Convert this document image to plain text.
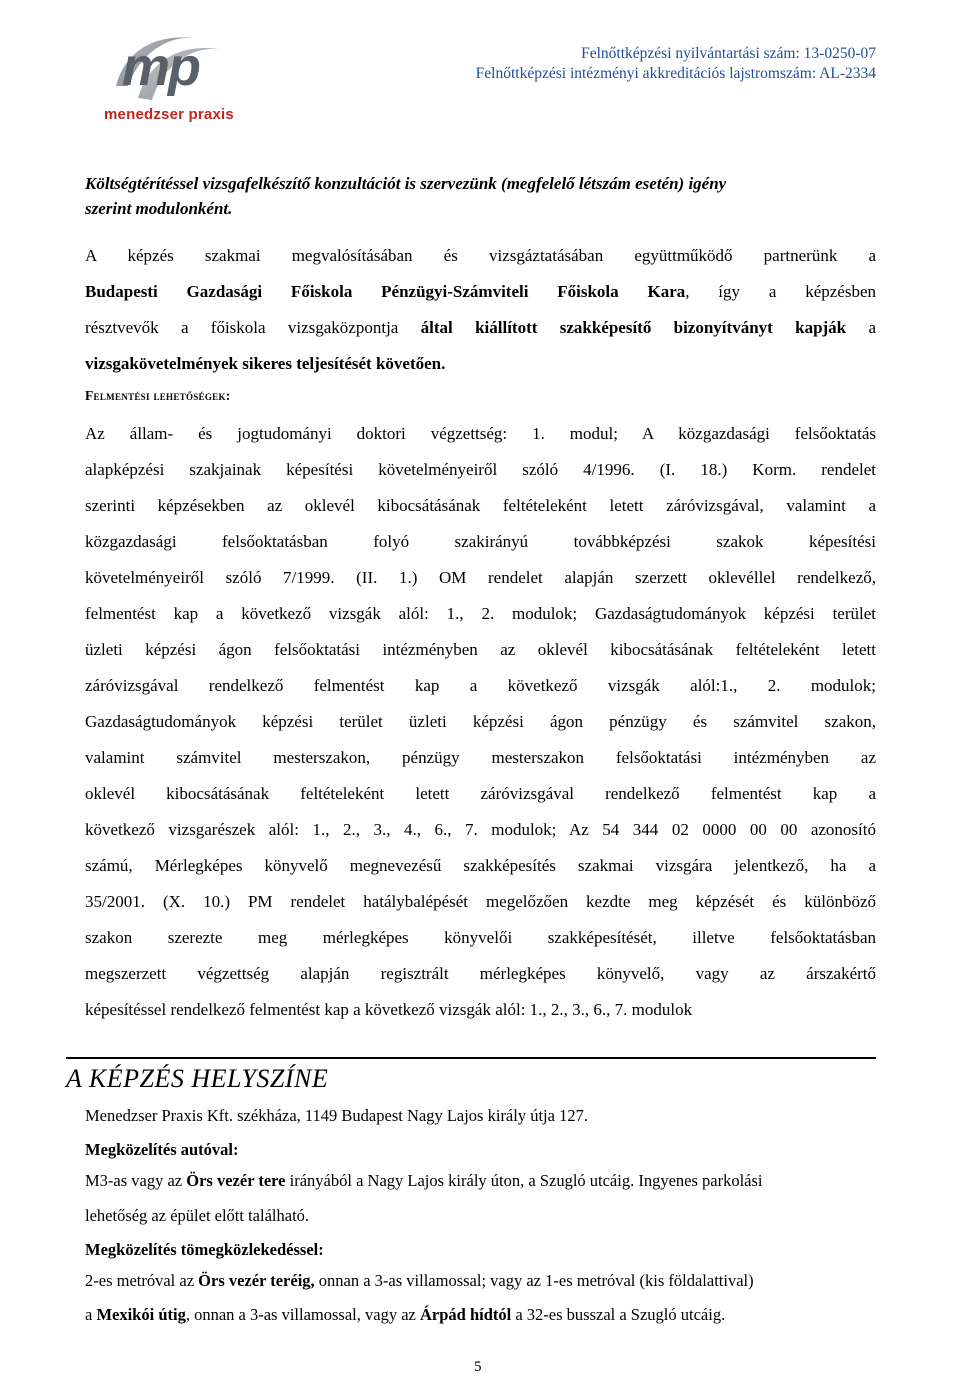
mp
menedzser praxis
Felnőttképzési nyilvántartási szám: 13-0250-07
Felnőttképzési intézményi akkreditációs lajstromszám: AL-2334
Költségtérítéssel vizsgafelkészítő konzultációt is szervezünk (megfelelő létszám esetén) igény
szerint modulonként.
A képzés szakmai megvalósításában és vizsgáztatásában együttműködő partnerünk a
Budapesti Gazdasági Főiskola Pénzügyi-Számviteli Főiskola Kara, így a képzésben
résztvevők a főiskola vizsgaközpontja által kiállított szakképesítő bizonyítványt kapják a
vizsgakövetelmények sikeres teljesítését követően.
Felmentési lehetőségek:
Az állam- és jogtudományi doktori végzettség: 1. modul; A közgazdasági felsőoktatás
alapképzési szakjainak képesítési követelményeiről szóló 4/1996. (I. 18.) Korm. rendelet
szerinti képzésekben az oklevél kibocsátásának feltételeként letett záróvizsgával, valamint a
közgazdasági felsőoktatásban folyó szakirányú továbbképzési szakok képesítési
követelményeiről szóló 7/1999. (II. 1.) OM rendelet alapján szerzett oklevéllel rendelkező,
felmentést kap a következő vizsgák alól: 1., 2. modulok; Gazdaságtudományok képzési terület
üzleti képzési ágon felsőoktatási intézményben az oklevél kibocsátásának feltételeként letett
záróvizsgával rendelkező felmentést kap a következő vizsgák alól:1., 2. modulok;
Gazdaságtudományok képzési terület üzleti képzési ágon pénzügy és számvitel szakon,
valamint számvitel mesterszakon, pénzügy mesterszakon felsőoktatási intézményben az
oklevél kibocsátásának feltételeként letett záróvizsgával rendelkező felmentést kap a
következő vizsgarészek alól: 1., 2., 3., 4., 6., 7. modulok; Az 54 344 02 0000 00 00 azonosító
számú, Mérlegképes könyvelő megnevezésű szakképesítés szakmai vizsgára jelentkező, ha a
35/2001. (X. 10.) PM rendelet hatálybalépését megelőzően kezdte meg képzését és különböző
szakon szerezte meg mérlegképes könyvelői szakképesítését, illetve felsőoktatásban
megszerzett végzettség alapján regisztrált mérlegképes könyvelő, vagy az árszakértő
képesítéssel rendelkező felmentést kap a következő vizsgák alól: 1., 2., 3., 6., 7. modulok
A KÉPZÉS HELYSZÍNE
Menedzser Praxis Kft. székháza, 1149 Budapest Nagy Lajos király útja 127.
Megközelítés autóval:
M3-as vagy az Örs vezér tere irányából a Nagy Lajos király úton, a Szugló utcáig. Ingyenes parkolási
lehetőség az épület előtt található.
Megközelítés tömegközlekedéssel:
2-es metróval az Örs vezér teréig, onnan a 3-as villamossal; vagy az 1-es metróval (kis földalattival)
a Mexikói útig, onnan a 3-as villamossal, vagy az Árpád hídtól a 32-es busszal a Szugló utcáig.
5
